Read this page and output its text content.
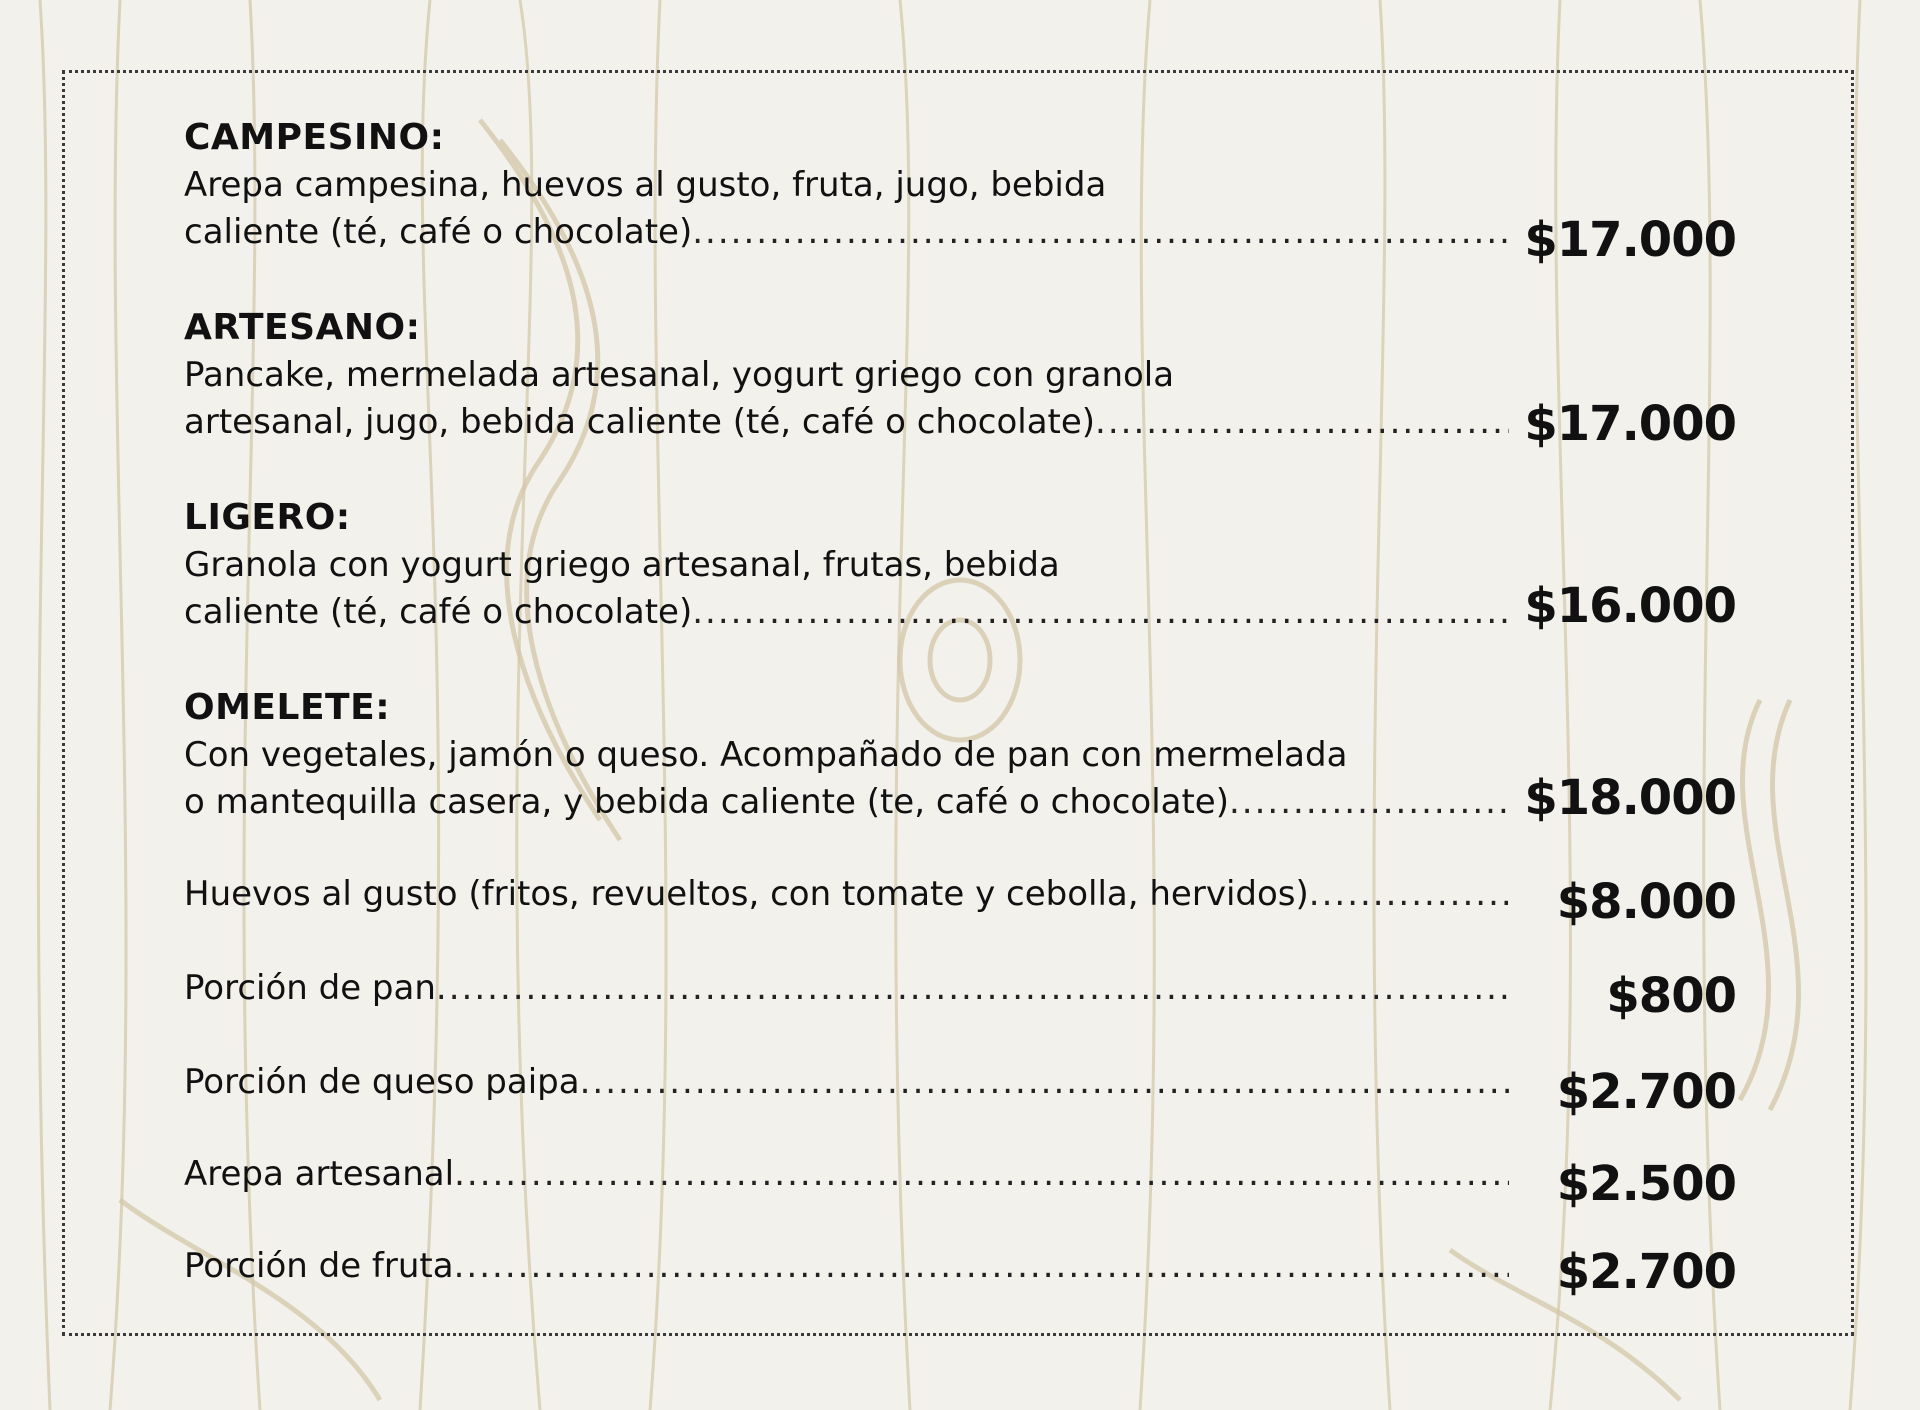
CAMPESINO:
Arepa campesina, huevos al gusto, fruta, jugo, bebida
caliente (té, café o chocolate) .....	$17.000
ARTESANO:
Pancake, mermelada artesanal, yogurt griego con granola
artesanal, jugo, bebida caliente (té, café o chocolate) .....	$17.000
LIGERO:
Granola con yogurt griego artesanal, frutas, bebida
caliente (té, café o chocolate) .....	$16.000
OMELETE:
Con vegetales, jamón o queso. Acompañado de pan con mermelada
o mantequilla casera, y bebida caliente (te, café o chocolate) .....	$18.000
Huevos al gusto (fritos, revueltos, con tomate y cebolla, hervidos) .....	$8.000
Porción de pan .....	$800
Porción de queso paipa .....	$2.700
Arepa artesanal .....	$2.500
Porción de fruta .....	$2.700
